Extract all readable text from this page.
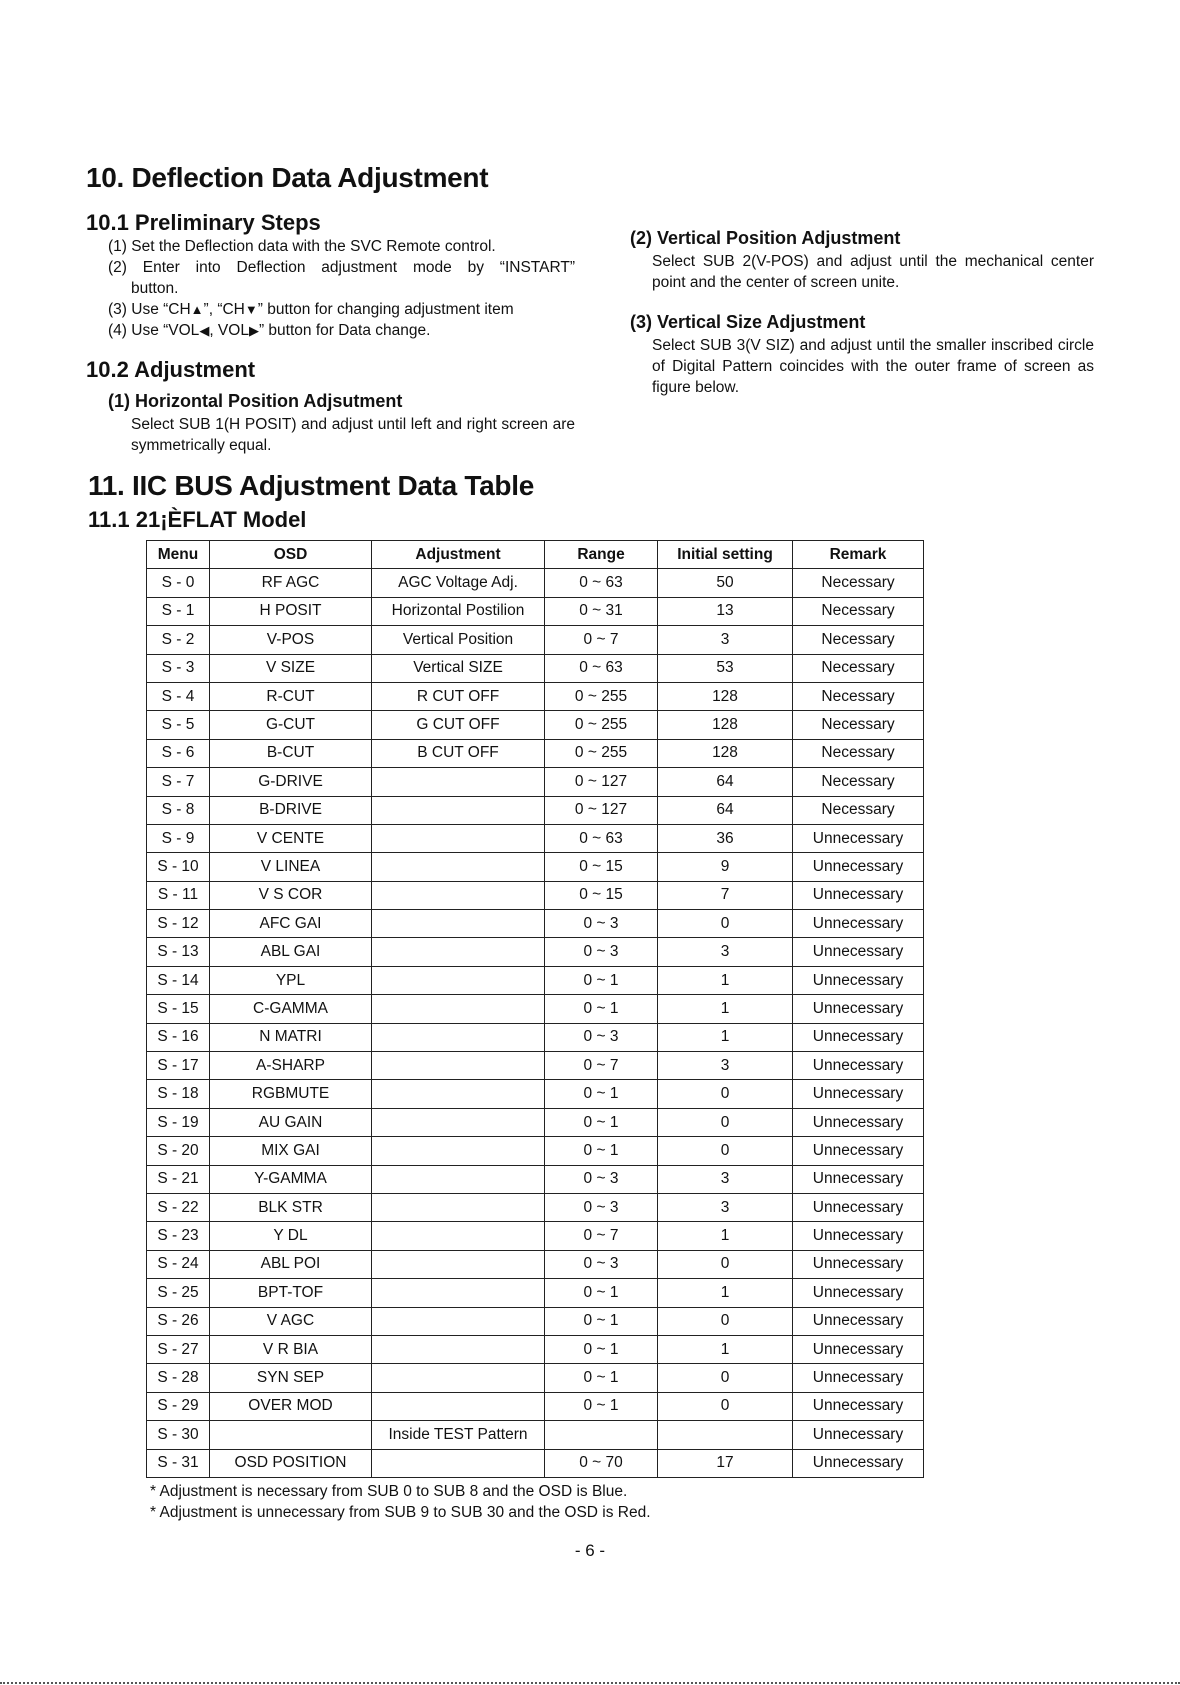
10. Deflection Data Adjustment
10.1 Preliminary Steps
(1) Set the Deflection data with the SVC Remote control.
(2) Enter into Deflection adjustment mode by “INSTART”
button.
(3) Use “CH▲”, “CH▼” button for changing adjustment item
(4) Use “VOL◀, VOL▶” button for Data change.
10.2 Adjustment
(1) Horizontal Position Adjsutment
Select SUB 1(H POSIT) and adjust until left and right screen are symmetrically equal.
(2) Vertical Position Adjustment
Select SUB 2(V-POS) and adjust until the mechanical center point and the center of screen unite.
(3) Vertical Size Adjustment
Select SUB 3(V SIZ) and adjust until the smaller inscribed circle of Digital Pattern coincides with the outer frame of screen as figure below.
11. IIC BUS Adjustment Data Table
11.1 21¡ÈFLAT Model
Menu	OSD	Adjustment	Range	Initial setting	Remark
S - 0	RF AGC	AGC Voltage Adj.	0 ~ 63	50	Necessary
S - 1	H POSIT	Horizontal Postilion	0 ~ 31	13	Necessary
S - 2	V-POS	Vertical Position	0 ~ 7	3	Necessary
S - 3	V SIZE	Vertical SIZE	0 ~ 63	53	Necessary
S - 4	R-CUT	R CUT OFF	0 ~ 255	128	Necessary
S - 5	G-CUT	G CUT OFF	0 ~ 255	128	Necessary
S - 6	B-CUT	B CUT OFF	0 ~ 255	128	Necessary
S - 7	G-DRIVE		0 ~ 127	64	Necessary
S - 8	B-DRIVE		0 ~ 127	64	Necessary
S - 9	V CENTE		0 ~ 63	36	Unnecessary
S - 10	V LINEA		0 ~ 15	9	Unnecessary
S - 11	V S COR		0 ~ 15	7	Unnecessary
S - 12	AFC GAI		0 ~ 3	0	Unnecessary
S - 13	ABL GAI		0 ~ 3	3	Unnecessary
S - 14	YPL		0 ~ 1	1	Unnecessary
S - 15	C-GAMMA		0 ~ 1	1	Unnecessary
S - 16	N MATRI		0 ~ 3	1	Unnecessary
S - 17	A-SHARP		0 ~ 7	3	Unnecessary
S - 18	RGBMUTE		0 ~ 1	0	Unnecessary
S - 19	AU GAIN		0 ~ 1	0	Unnecessary
S - 20	MIX GAI		0 ~ 1	0	Unnecessary
S - 21	Y-GAMMA		0 ~ 3	3	Unnecessary
S - 22	BLK STR		0 ~ 3	3	Unnecessary
S - 23	Y DL		0 ~ 7	1	Unnecessary
S - 24	ABL POI		0 ~ 3	0	Unnecessary
S - 25	BPT-TOF		0 ~ 1	1	Unnecessary
S - 26	V AGC		0 ~ 1	0	Unnecessary
S - 27	V R BIA		0 ~ 1	1	Unnecessary
S - 28	SYN SEP		0 ~ 1	0	Unnecessary
S - 29	OVER MOD		0 ~ 1	0	Unnecessary
S - 30		Inside TEST Pattern			Unnecessary
S - 31	OSD POSITION		0 ~ 70	17	Unnecessary
* Adjustment is necessary from SUB 0 to SUB 8 and the OSD is Blue.
* Adjustment is unnecessary from SUB 9 to SUB 30 and the OSD is Red.
- 6 -
